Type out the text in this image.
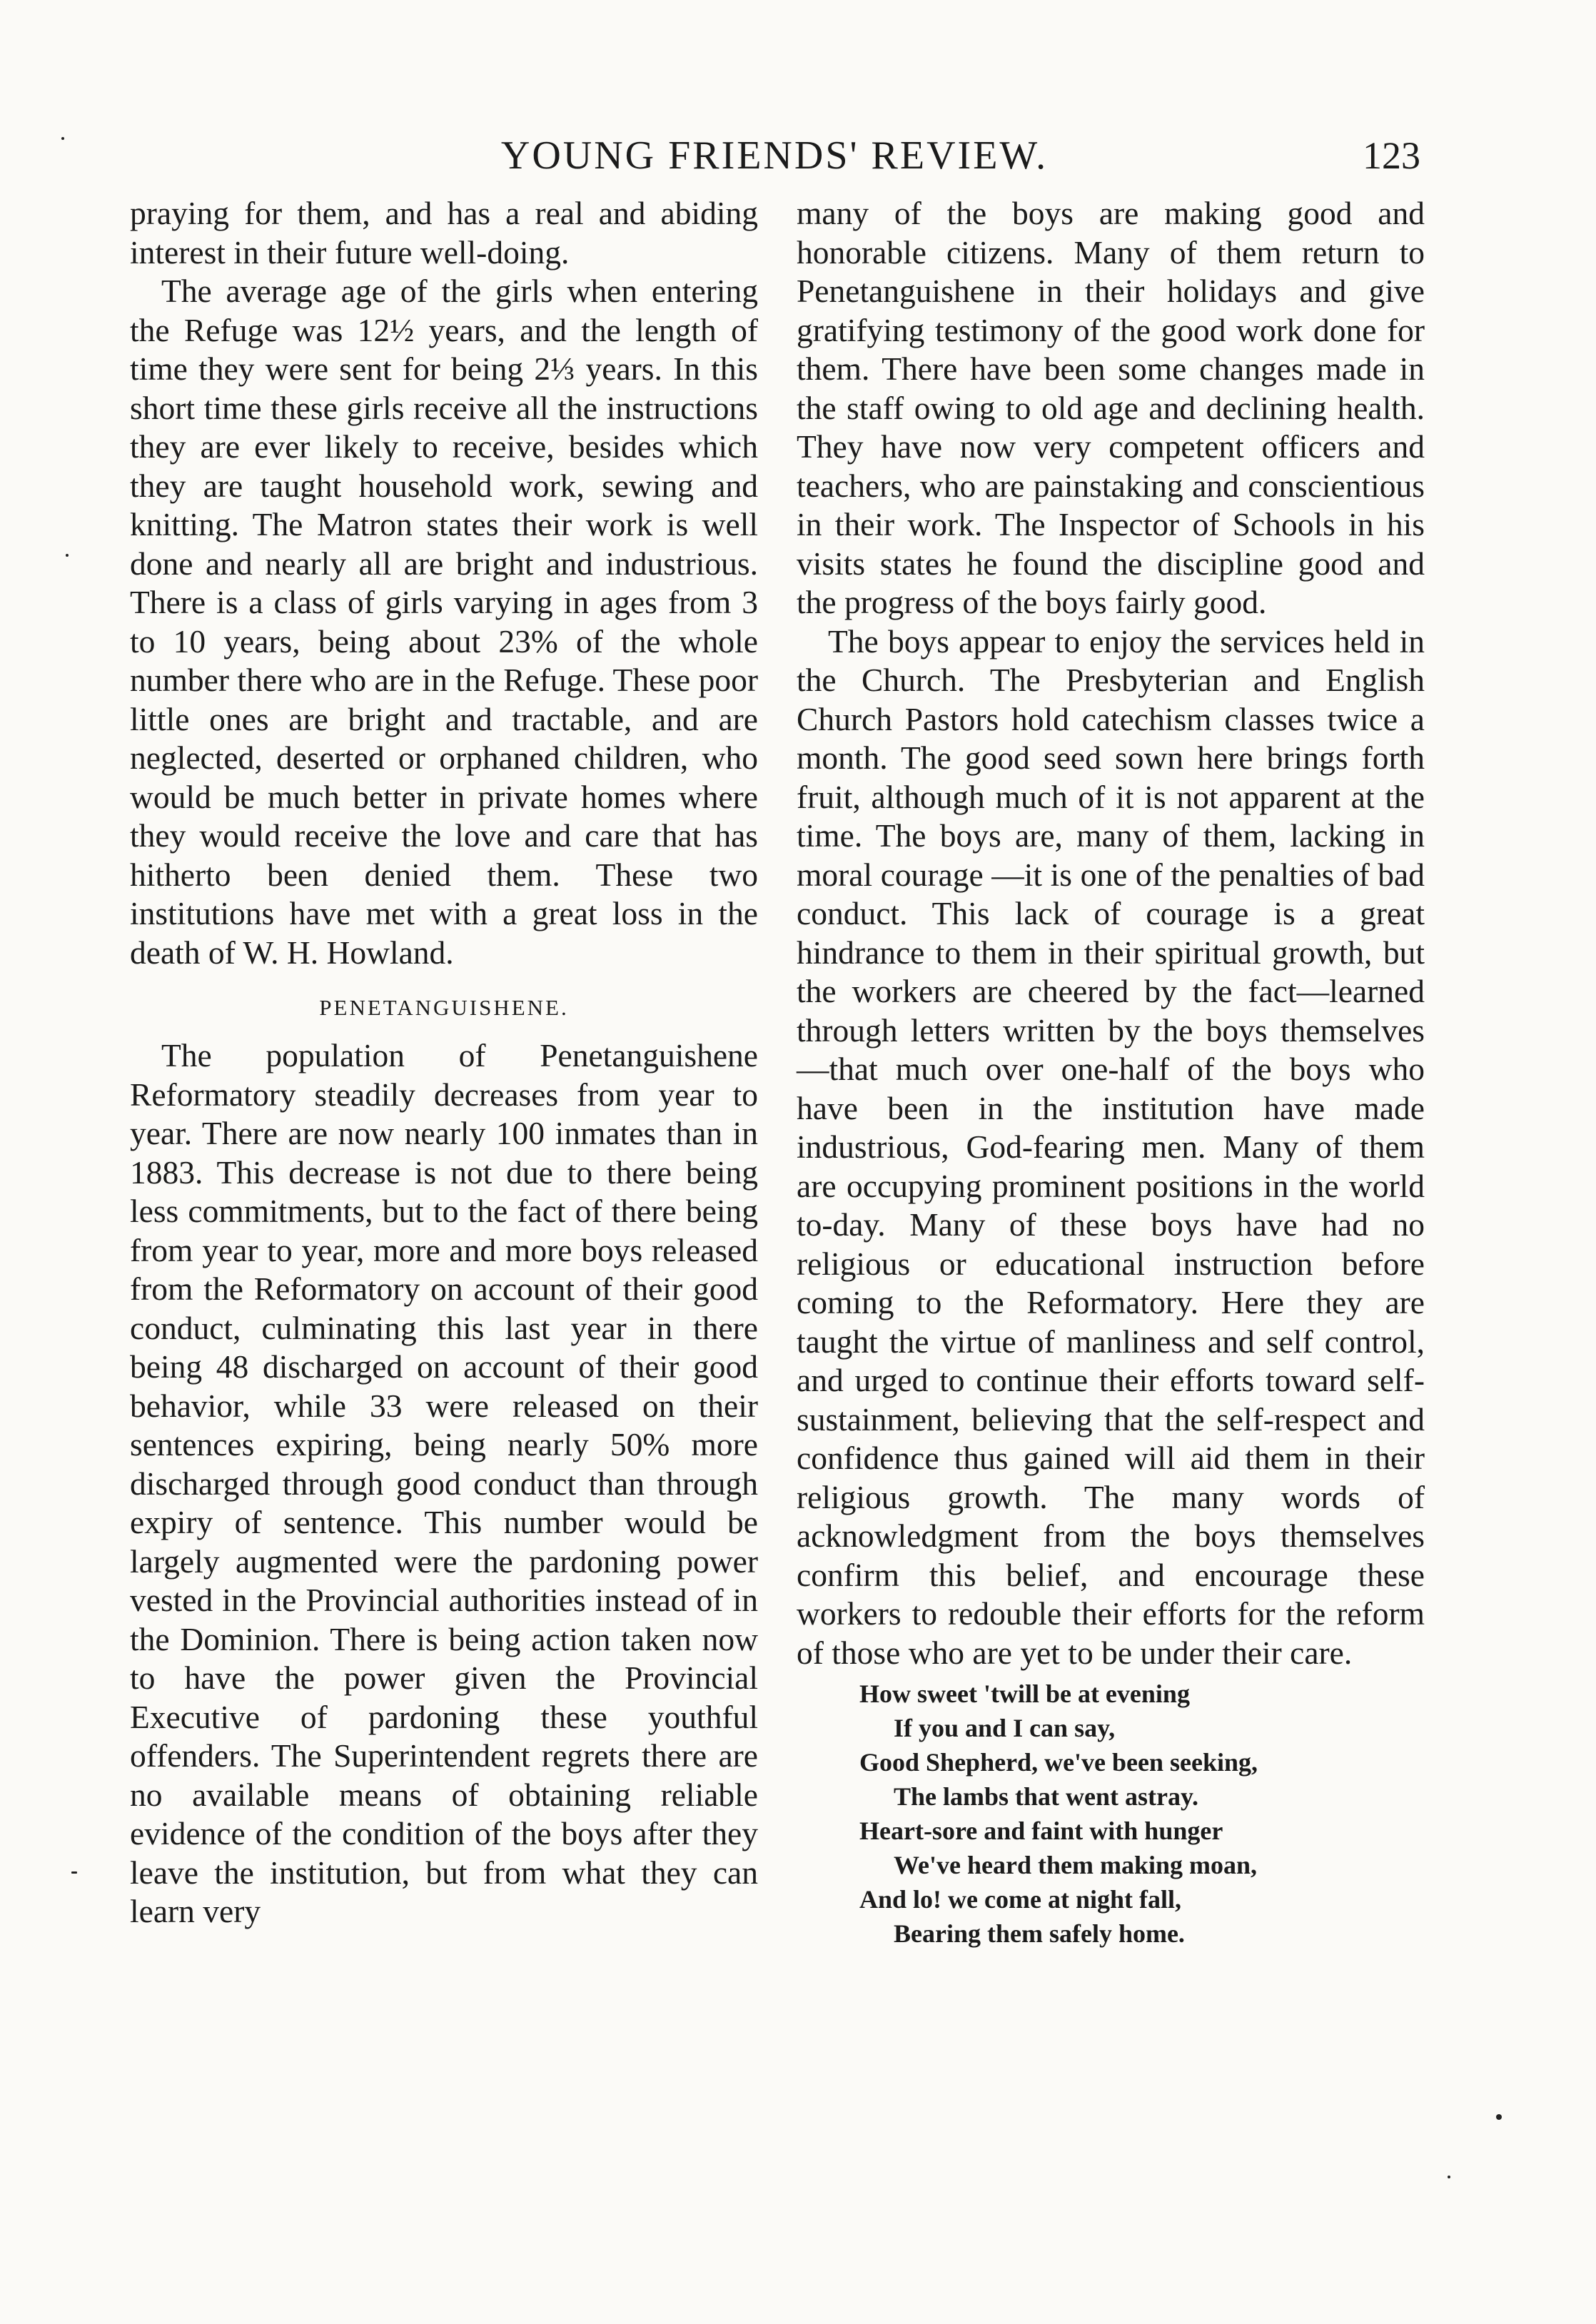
YOUNG FRIENDS' REVIEW.	123

praying for them, and has a real and abiding interest in their future well-doing.

The average age of the girls when entering the Refuge was 12½ years, and the length of time they were sent for being 2⅓ years. In this short time these girls receive all the instructions they are ever likely to receive, besides which they are taught household work, sewing and knitting. The Matron states their work is well done and nearly all are bright and industrious. There is a class of girls varying in ages from 3 to 10 years, being about 23% of the whole number there who are in the Refuge. These poor little ones are bright and tractable, and are neglected, deserted or orphaned children, who would be much better in private homes where they would receive the love and care that has hitherto been denied them. These two institutions have met with a great loss in the death of W. H. Howland.

PENETANGUISHENE.

The population of Penetanguishene Reformatory steadily decreases from year to year. There are now nearly 100 inmates than in 1883. This decrease is not due to there being less commitments, but to the fact of there being from year to year, more and more boys released from the Reformatory on account of their good conduct, culminating this last year in there being 48 discharged on account of their good behavior, while 33 were released on their sentences expiring, being nearly 50% more discharged through good conduct than through expiry of sentence. This number would be largely augmented were the pardoning power vested in the Provincial authorities instead of in the Dominion. There is being action taken now to have the power given the Provincial Executive of pardoning these youthful offenders. The Superintendent regrets there are no available means of obtaining reliable evidence of the condition of the boys after they leave the institution, but from what they can learn very

many of the boys are making good and honorable citizens. Many of them return to Penetanguishene in their holidays and give gratifying testimony of the good work done for them. There have been some changes made in the staff owing to old age and declining health. They have now very competent officers and teachers, who are painstaking and conscientious in their work. The Inspector of Schools in his visits states he found the discipline good and the progress of the boys fairly good.

The boys appear to enjoy the services held in the Church. The Presbyterian and English Church Pastors hold catechism classes twice a month. The good seed sown here brings forth fruit, although much of it is not apparent at the time. The boys are, many of them, lacking in moral courage —it is one of the penalties of bad conduct. This lack of courage is a great hindrance to them in their spiritual growth, but the workers are cheered by the fact—learned through letters written by the boys themselves—that much over one-half of the boys who have been in the institution have made industrious, God-fearing men. Many of them are occupying prominent positions in the world to-day. Many of these boys have had no religious or educational instruction before coming to the Reformatory. Here they are taught the virtue of manliness and self control, and urged to continue their efforts toward self-sustainment, believing that the self-respect and confidence thus gained will aid them in their religious growth. The many words of acknowledgment from the boys themselves confirm this belief, and encourage these workers to redouble their efforts for the reform of those who are yet to be under their care.

How sweet 'twill be at evening
If you and I can say,
Good Shepherd, we've been seeking,
The lambs that went astray.
Heart-sore and faint with hunger
We've heard them making moan,
And lo! we come at night fall,
Bearing them safely home.
